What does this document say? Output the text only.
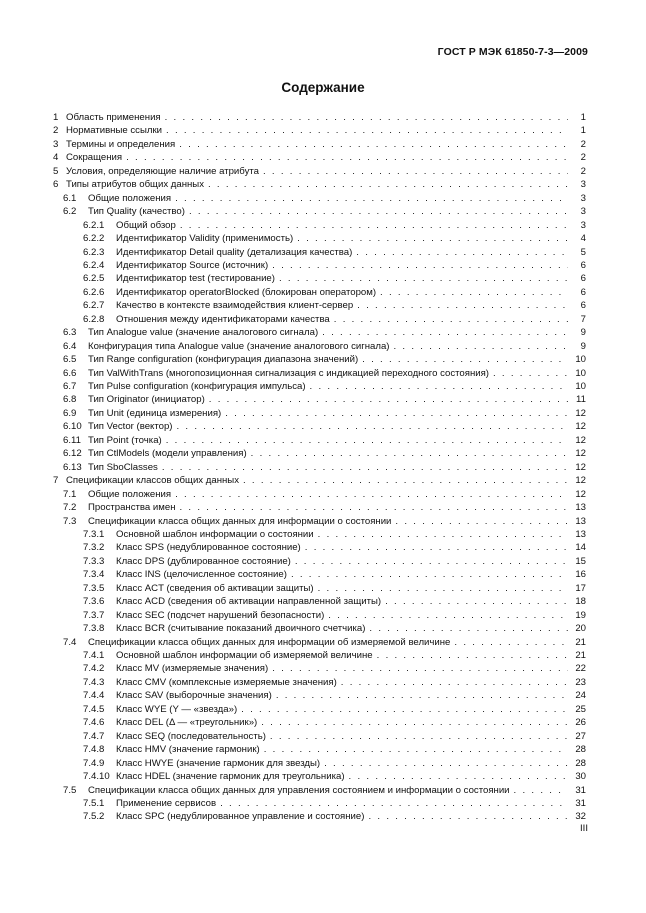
ГОСТ Р МЭК 61850-7-3—2009
Содержание
1 Область применения . . .	1
2 Нормативные ссылки . . .	1
3 Термины и определения . . .	2
4 Сокращения . . .	2
5 Условия, определяющие наличие атрибута . . .	2
6 Типы атрибутов общих данных . . .	3
6.1	Общие положения . . .	3
6.2	Тип Quality (качество) . . .	3
6.2.1	Общий обзор . . .	3
6.2.2	Идентификатор Validity (применимость) . . .	4
6.2.3	Идентификатор Detail quality (детализация качества) . . .	5
6.2.4	Идентификатор Source (источник) . . .	6
6.2.5	Идентификатор test (тестирование) . . .	6
6.2.6	Идентификатор operatorBlocked (блокирован оператором) . . .	6
6.2.7	Качество в контексте взаимодействия клиент-сервер . . .	6
6.2.8	Отношения между идентификаторами качества . . .	7
6.3	Тип Analogue value (значение аналогового сигнала) . . .	9
6.4	Конфигурация типа Analogue value (значение аналогового сигнала) . . .	9
6.5	Тип Range configuration (конфигурация диапазона значений) . . .	10
6.6	Тип ValWithTrans (многопозиционная сигнализация с индикацией переходного состояния) . . .	10
6.7	Тип Pulse configuration (конфигурация импульса) . . .	10
6.8	Тип Originator (инициатор) . . .	11
6.9	Тип Unit (единица измерения) . . .	12
6.10 Тип Vector (вектор) . . .	12
6.11 Тип Point (точка) . . .	12
6.12 Тип CtlModels (модели управления) . . .	12
6.13 Тип SboClasses . . .	12
7 Спецификации классов общих данных . . .	12
7.1	Общие положения . . .	12
7.2	Пространства имен . . .	13
7.3	Спецификации класса общих данных для информации о состоянии . . .	13
7.3.1	Основной шаблон информации о состоянии . . .	13
7.3.2	Класс SPS (недублированное состояние) . . .	14
7.3.3	Класс DPS (дублированное состояние) . . .	15
7.3.4	Класс INS (целочисленное состояние) . . .	16
7.3.5	Класс ACT (сведения об активации защиты) . . .	17
7.3.6	Класс ACD (сведения об активации направленной защиты) . . .	18
7.3.7	Класс SEC (подсчет нарушений безопасности) . . .	19
7.3.8	Класс BCR (считывание показаний двоичного счетчика) . . .	20
7.4	Спецификации класса общих данных для информации об измеряемой величине . . .	21
7.4.1	Основной шаблон информации об измеряемой величине . . .	21
7.4.2	Класс MV (измеряемые значения) . . .	22
7.4.3	Класс CMV (комплексные измеряемые значения) . . .	23
7.4.4	Класс SAV (выборочные значения) . . .	24
7.4.5	Класс WYE (Y — «звезда») . . .	25
7.4.6	Класс DEL (Δ — «треугольник») . . .	26
7.4.7	Класс SEQ (последовательность) . . .	27
7.4.8	Класс HMV (значение гармоник) . . .	28
7.4.9	Класс HWYE (значение гармоник для звезды) . . .	28
7.4.10 Класс HDEL (значение гармоник для треугольника) . . .	30
7.5	Спецификации класса общих данных для управления состоянием и информации о состоянии . . .	31
7.5.1	Применение сервисов . . .	31
7.5.2	Класс SPC (недублированное управление и состояние) . . .	32
III
